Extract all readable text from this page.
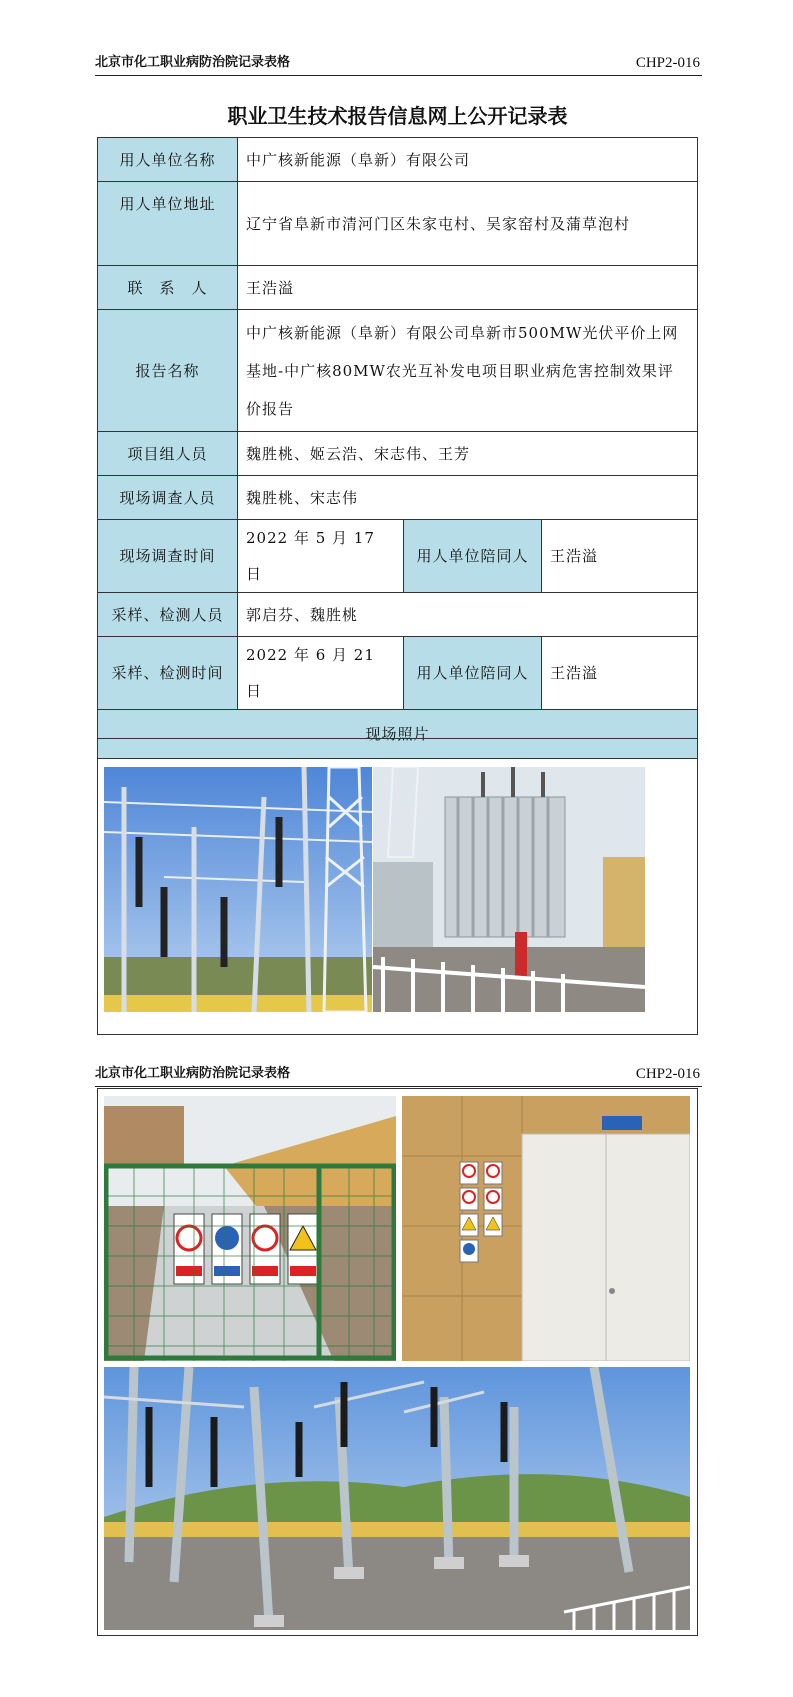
北京市化工职业病防治院记录表格	CHP2-016
职业卫生技术报告信息网上公开记录表
用人单位名称	中广核新能源（阜新）有限公司		
用人单位地址	辽宁省阜新市清河门区朱家屯村、吴家窑村及蒲草泡村		
联　系　人	王浩溢		
报告名称	中广核新能源（阜新）有限公司阜新市500MW光伏平价上网基地-中广核80MW农光互补发电项目职业病危害控制效果评价报告		
项目组人员	魏胜桃、姬云浩、宋志伟、王芳		
现场调查人员	魏胜桃、宋志伟		
现场调查时间	2022 年 5 月 17 日	用人单位陪同人	王浩溢
采样、检测人员	郭启芬、魏胜桃		
采样、检测时间	2022 年 6 月 21 日	用人单位陪同人	王浩溢
现场照片			
北京市化工职业病防治院记录表格	CHP2-016
